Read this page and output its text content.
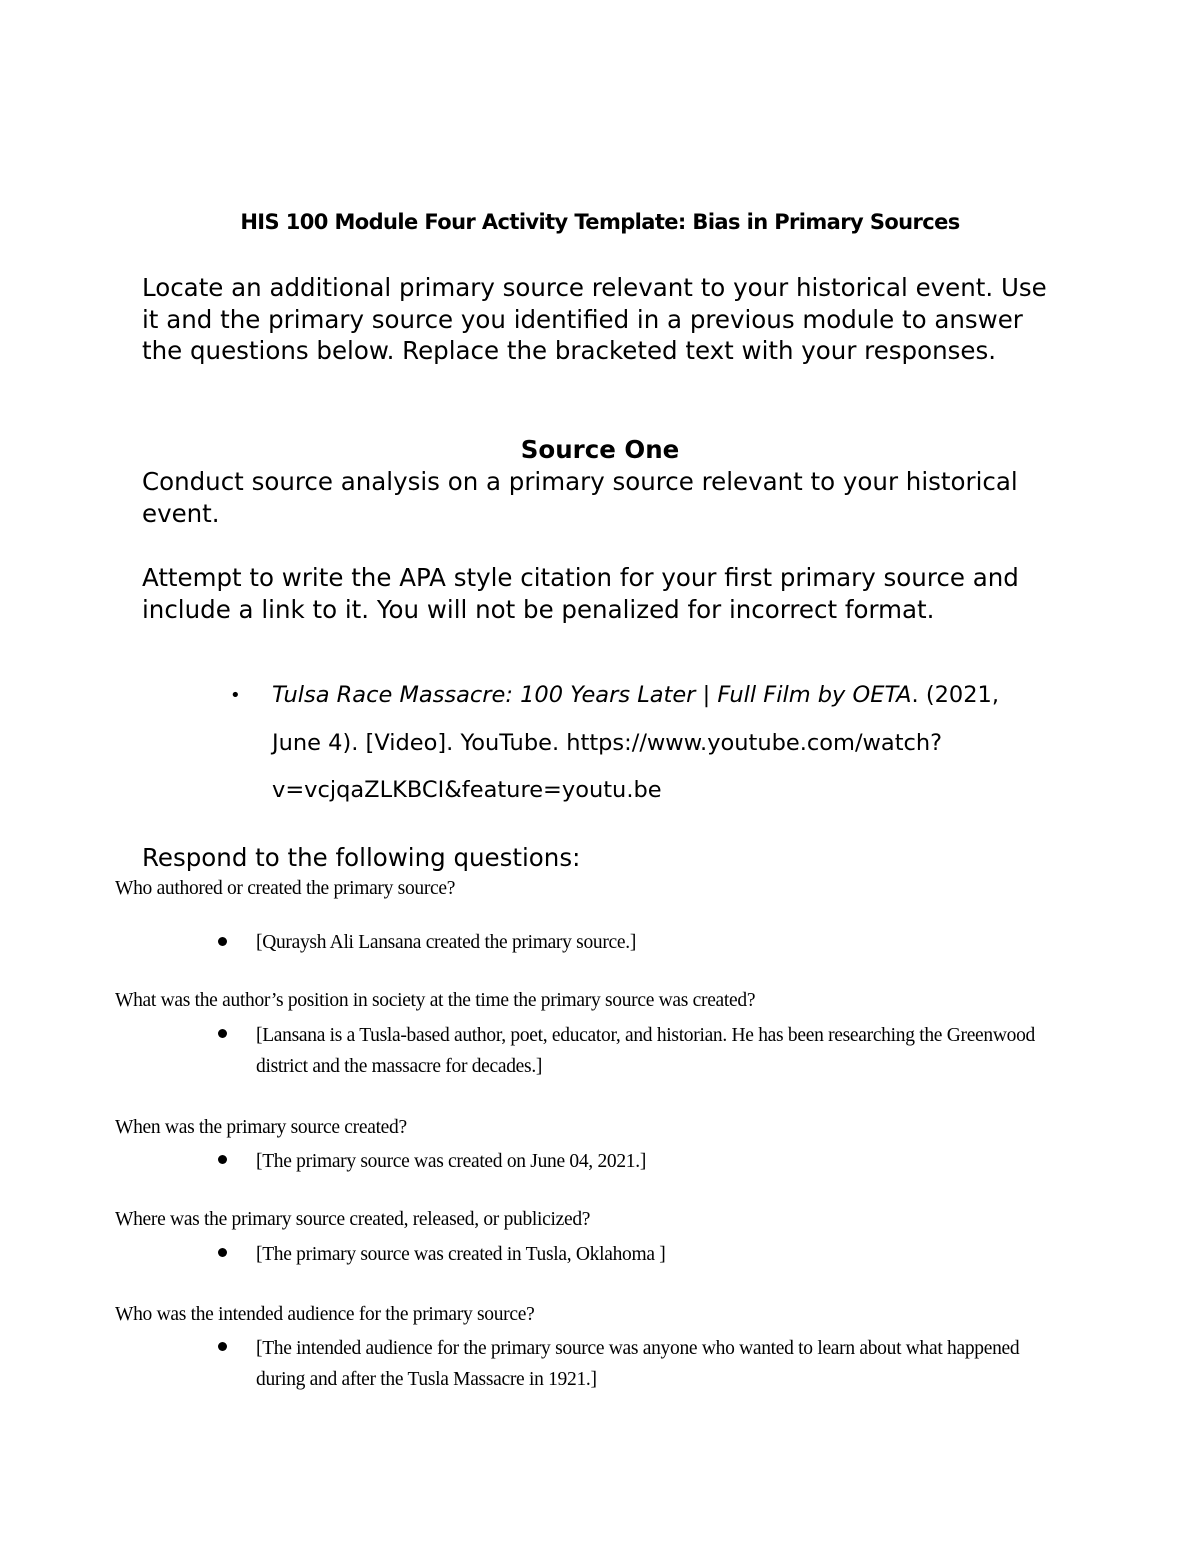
HIS 100 Module Four Activity Template: Bias in Primary Sources

Locate an additional primary source relevant to your historical event. Use it and the primary source you identified in a previous module to answer the questions below. Replace the bracketed text with your responses.

Source One

Conduct source analysis on a primary source relevant to your historical event.

Attempt to write the APA style citation for your first primary source and include a link to it. You will not be penalized for incorrect format.

• Tulsa Race Massacre: 100 Years Later | Full Film by OETA. (2021, June 4). [Video]. YouTube. https://www.youtube.com/watch?v=vcjqaZLKBCI&feature=youtu.be

Respond to the following questions:

Who authored or created the primary source?
[Quraysh Ali Lansana created the primary source.]
What was the author’s position in society at the time the primary source was created?
[Lansana is a Tusla-based author, poet, educator, and historian. He has been researching the Greenwood district and the massacre for decades.]
When was the primary source created?
[The primary source was created on June 04, 2021.]
Where was the primary source created, released, or publicized?
[The primary source was created in Tusla, Oklahoma ]
Who was the intended audience for the primary source?
[The intended audience for the primary source was anyone who wanted to learn about what happened during and after the Tusla Massacre in 1921.]
